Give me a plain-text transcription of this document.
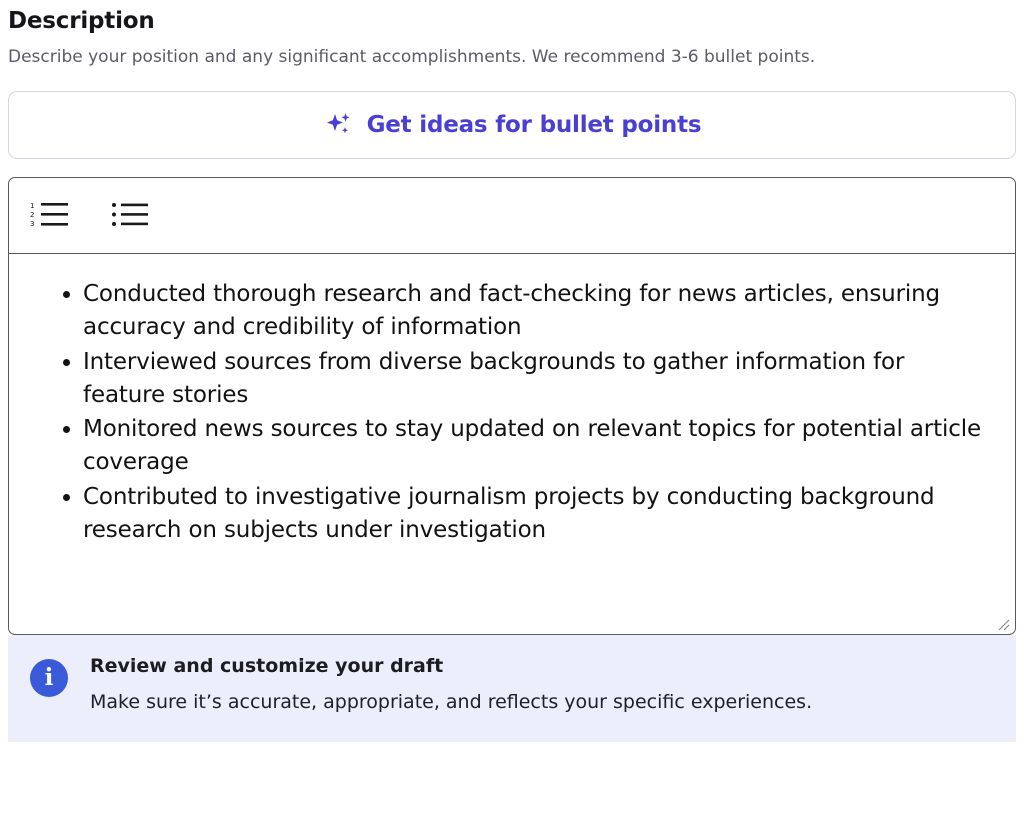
Description

Describe your position and any significant accomplishments. We recommend 3-6 bullet points.

Get ideas for bullet points
1
2
3
• Conducted thorough research and fact-checking for news articles, ensuring accuracy and credibility of information
• Interviewed sources from diverse backgrounds to gather information for feature stories
• Monitored news sources to stay updated on relevant topics for potential article coverage
• Contributed to investigative journalism projects by conducting background research on subjects under investigation
i	Review and customize your draft

Make sure it’s accurate, appropriate, and reflects your specific experiences.
